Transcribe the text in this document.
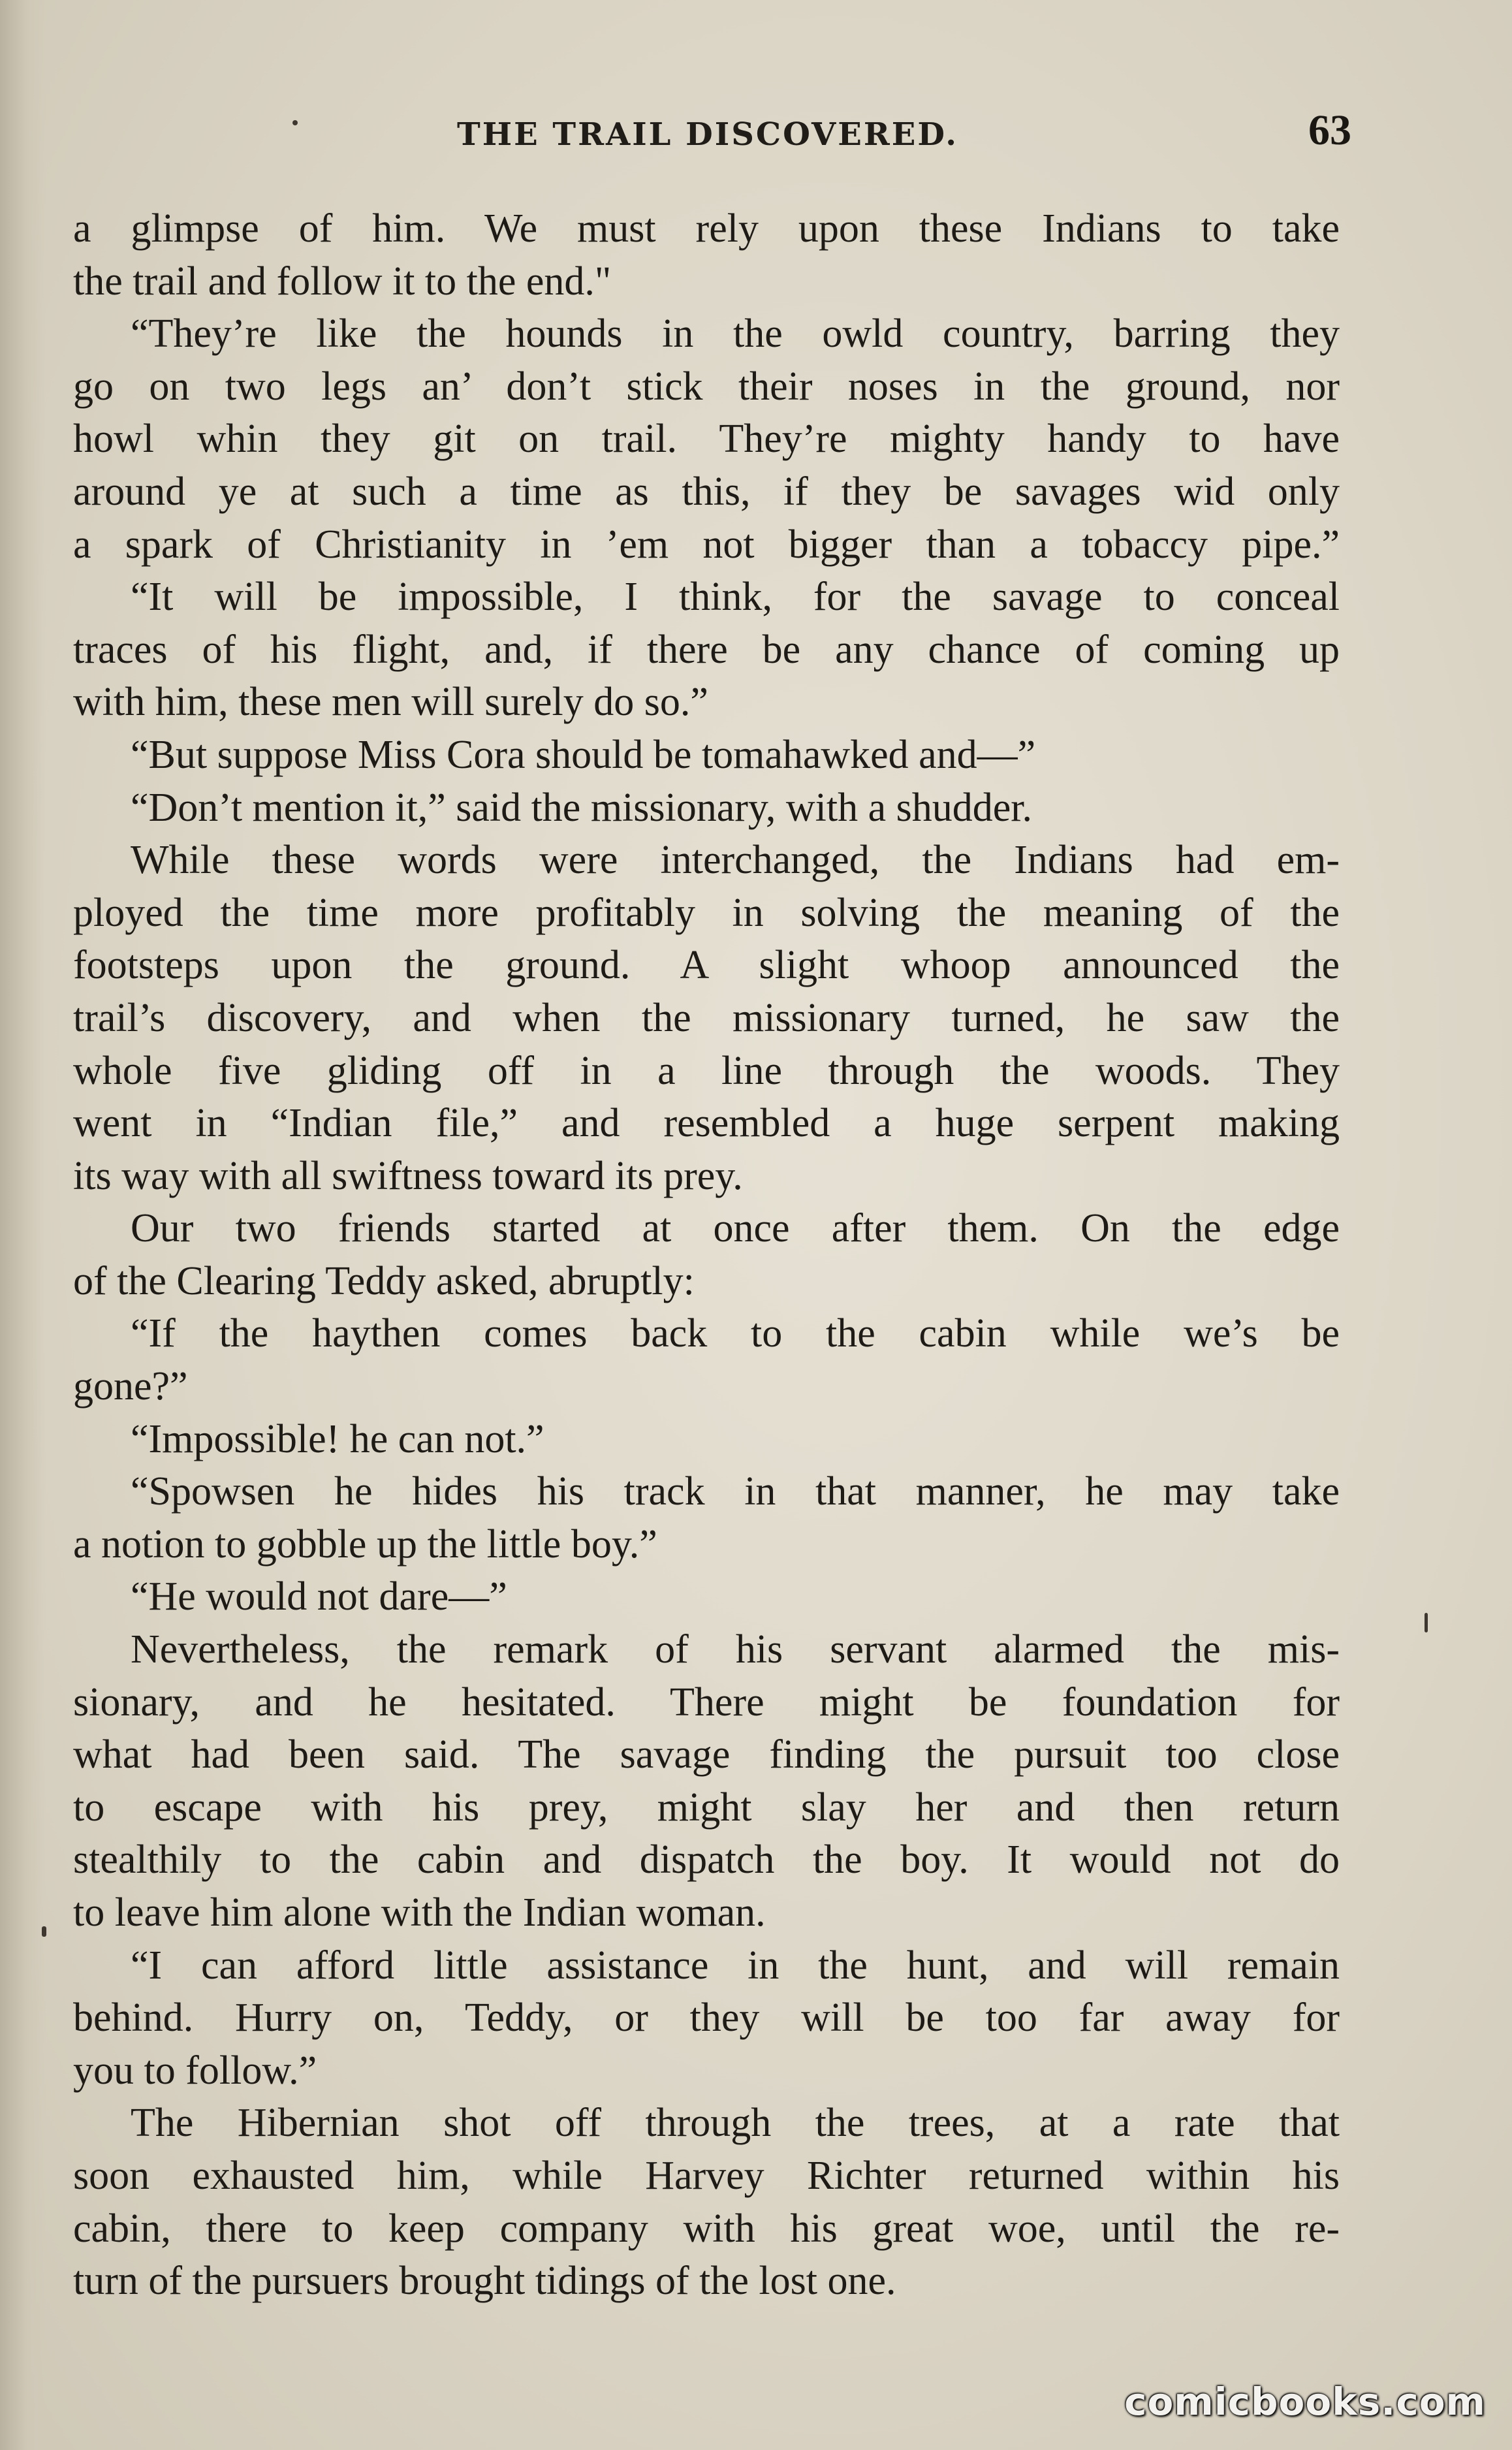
THE TRAIL DISCOVERED.	63
a glimpse of him. We must rely upon these Indians to take
the trail and follow it to the end."
“They’re like the hounds in the owld country, barring they
go on two legs an’ don’t stick their noses in the ground, nor
howl whin they git on trail. They’re mighty handy to have
around ye at such a time as this, if they be savages wid only
a spark of Christianity in ’em not bigger than a tobaccy pipe.”
“It will be impossible, I think, for the savage to conceal
traces of his flight, and, if there be any chance of coming up
with him, these men will surely do so.”
“But suppose Miss Cora should be tomahawked and—”
“Don’t mention it,” said the missionary, with a shudder.
While these words were interchanged, the Indians had em-
ployed the time more profitably in solving the meaning of the
footsteps upon the ground. A slight whoop announced the
trail’s discovery, and when the missionary turned, he saw the
whole five gliding off in a line through the woods. They
went in “Indian file,” and resembled a huge serpent making
its way with all swiftness toward its prey.
Our two friends started at once after them. On the edge
of the Clearing Teddy asked, abruptly:
“If the haythen comes back to the cabin while we’s be
gone?”
“Impossible! he can not.”
“Spowsen he hides his track in that manner, he may take
a notion to gobble up the little boy.”
“He would not dare—”
Nevertheless, the remark of his servant alarmed the mis-
sionary, and he hesitated. There might be foundation for
what had been said. The savage finding the pursuit too close
to escape with his prey, might slay her and then return
stealthily to the cabin and dispatch the boy. It would not do
to leave him alone with the Indian woman.
“I can afford little assistance in the hunt, and will remain
behind. Hurry on, Teddy, or they will be too far away for
you to follow.”
The Hibernian shot off through the trees, at a rate that
soon exhausted him, while Harvey Richter returned within his
cabin, there to keep company with his great woe, until the re-
turn of the pursuers brought tidings of the lost one.
comicbooks.com
